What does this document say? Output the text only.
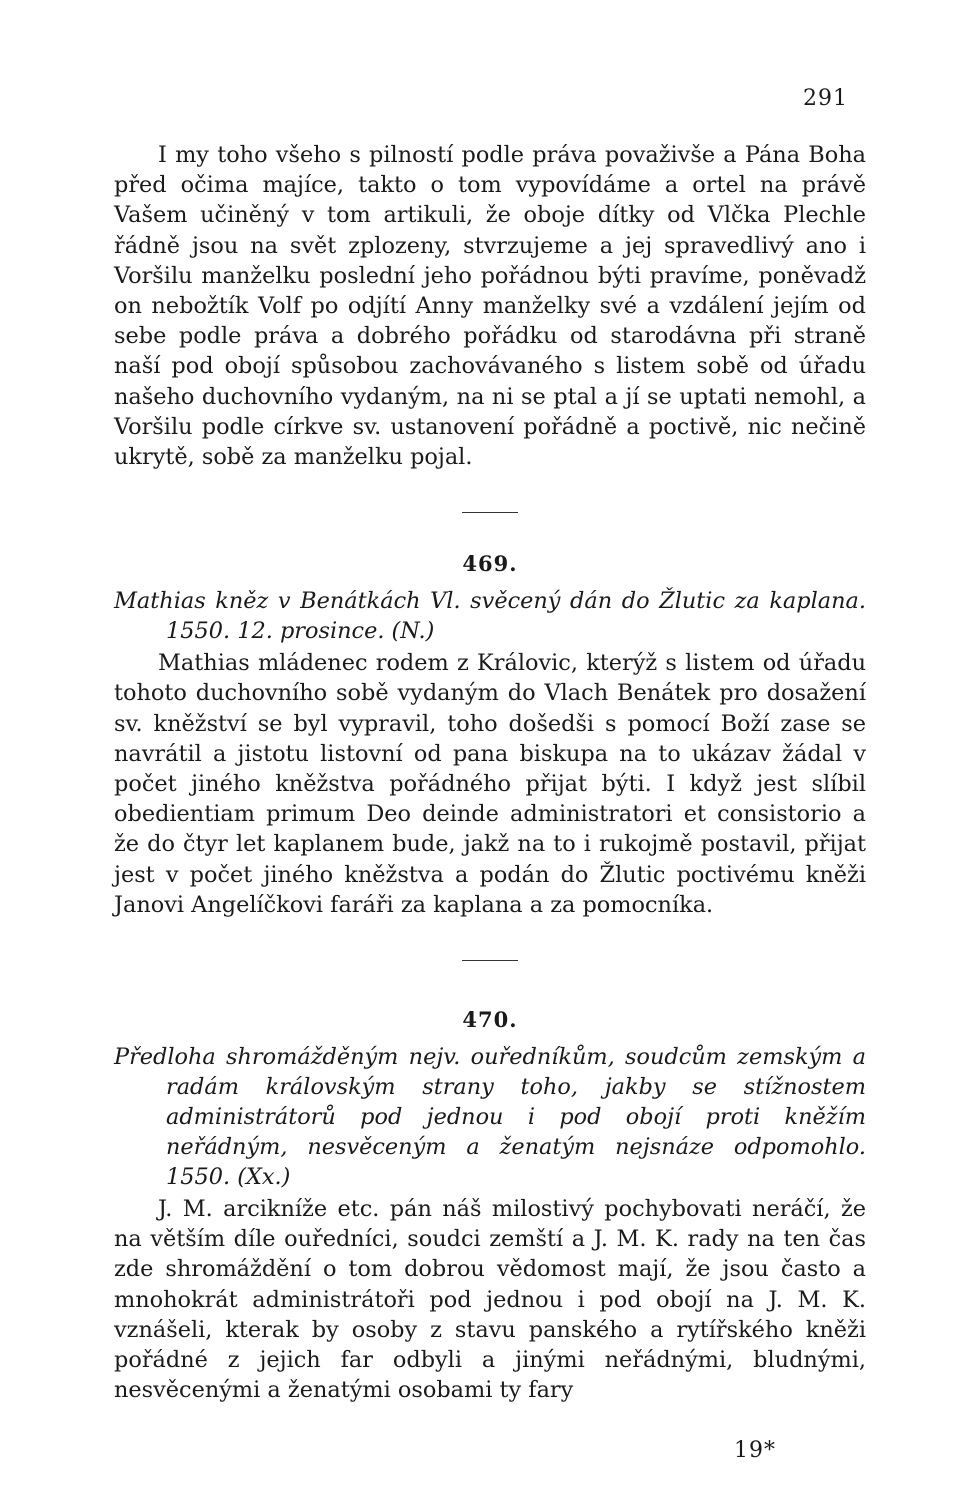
291

I my toho všeho s pilností podle práva považivše a Pána Boha před očima majíce, takto o tom vypovídáme a ortel na právě Vašem učiněný v tom artikuli, že oboje dítky od Vlčka Plechle řádně jsou na svět zplozeny, stvrzujeme a jej spravedlivý ano i Voršilu manželku poslední jeho pořádnou býti pravíme, poněvadž on nebožtík Volf po odjítí Anny manželky své a vzdálení jejím od sebe podle práva a dobrého pořádku od starodávna při straně naší pod obojí spůsobou zachovávaného s listem sobě od úřadu našeho duchovního vydaným, na ni se ptal a jí se uptati nemohl, a Voršilu podle církve sv. ustanovení pořádně a poctivě, nic nečině ukrytě, sobě za manželku pojal.

469.

Mathias kněz v Benátkách Vl. svěcený dán do Žlutic za kaplana. 1550. 12. prosince. (N.)

Mathias mládenec rodem z Královic, kterýž s listem od úřadu tohoto duchovního sobě vydaným do Vlach Benátek pro dosažení sv. kněžství se byl vypravil, toho došedši s pomocí Boží zase se navrátil a jistotu listovní od pana biskupa na to ukázav žádal v počet jiného kněžstva pořádného přijat býti. I když jest slíbil obedientiam primum Deo deinde administratori et consistorio a že do čtyr let kaplanem bude, jakž na to i rukojmě postavil, přijat jest v počet jiného kněžstva a podán do Žlutic poctivému kněži Janovi Angelíčkovi faráři za kaplana a za pomocníka.

470.

Předloha shromážděným nejv. ouředníkům, soudcům zemským a radám královským strany toho, jakby se stížnostem administrátorů pod jednou i pod obojí proti kněžím neřádným, nesvěceným a ženatým nejsnáze odpomohlo. 1550. (Xx.)

J. M. arcikníže etc. pán náš milostivý pochybovati neráčí, že na větším díle ouředníci, soudci zemští a J. M. K. rady na ten čas zde shromáždění o tom dobrou vědomost mají, že jsou často a mnohokrát administrátoři pod jednou i pod obojí na J. M. K. vznášeli, kterak by osoby z stavu panského a rytířského kněži pořádné z jejich far odbyli a jinými neřádnými, bludnými, nesvěcenými a ženatými osobami ty fary

19*
